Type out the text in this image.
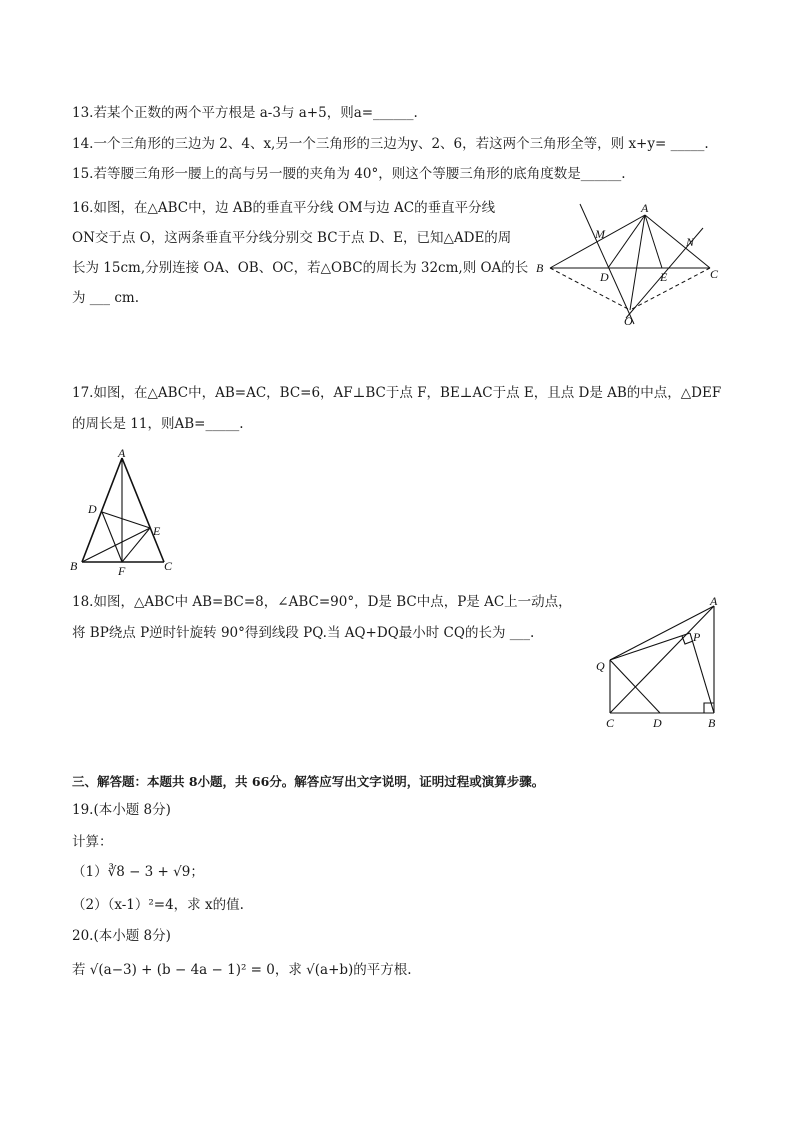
13.若某个正数的两个平方根是 a-3与 a+5，则a=______.
14.一个三角形的三边为 2、4、x,另一个三角形的三边为y、2、6，若这两个三角形全等，则 x+y= _____.
15.若等腰三角形一腰上的高与另一腰的夹角为 40°，则这个等腰三角形的底角度数是______.
16.如图，在△ABC中，边 AB的垂直平分线 OM与边 AC的垂直平分线
ON交于点 O，这两条垂直平分线分别交 BC于点 D、E，已知△ADE的周
长为 15cm,分别连接 OA、OB、OC，若△OBC的周长为 32cm,则 OA的长
为 ___ cm.
A
M
N
B
D	E	C
O
17.如图，在△ABC中，AB=AC，BC=6，AF⊥BC于点 F，BE⊥AC于点 E，且点 D是 AB的中点，△DEF
的周长是 11，则AB=_____.
A
D
E
B	F	C
18.如图，△ABC中 AB=BC=8，∠ABC=90°，D是 BC中点，P是 AC上一动点，
将 BP绕点 P逆时针旋转 90°得到线段 PQ.当 AQ+DQ最小时 CQ的长为 ___.
A
P
Q
C	D	B
三、解答题：本题共 8小题，共 66分。解答应写出文字说明，证明过程或演算步骤。
19.(本小题 8分)
计算：
（1）∛8 − 3 + √9；
（2）（x-1）²=4，求 x的值.
20.(本小题 8分)
若 √(a−3) + (b − 4a − 1)² = 0，求 √(a+b)的平方根.
